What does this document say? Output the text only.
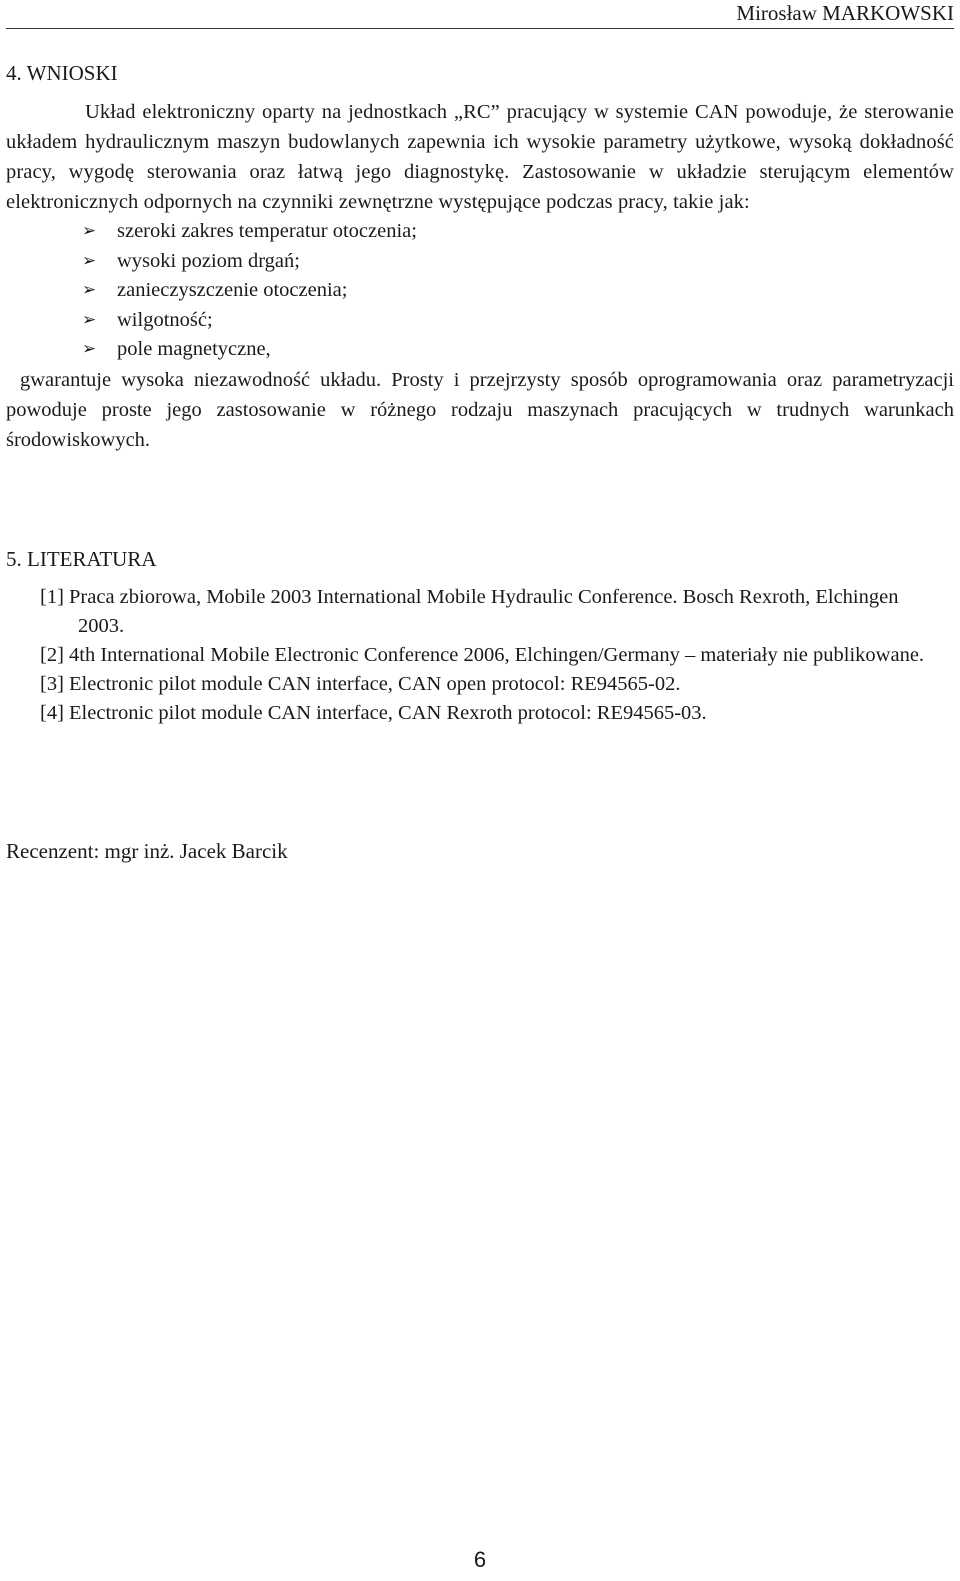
Mirosław MARKOWSKI
4. WNIOSKI

Układ elektroniczny oparty na jednostkach „RC” pracujący w systemie CAN powoduje, że sterowanie układem hydraulicznym maszyn budowlanych zapewnia ich wysokie parametry użytkowe, wysoką dokładność pracy, wygodę sterowania oraz łatwą jego diagnostykę. Zastosowanie w układzie sterującym elementów elektronicznych odpornych na czynniki zewnętrzne występujące podczas pracy, takie jak:

➢ szeroki zakres temperatur otoczenia;
➢ wysoki poziom drgań;
➢ zanieczyszczenie otoczenia;
➢ wilgotność;
➢ pole magnetyczne,

gwarantuje wysoka niezawodność układu. Prosty i przejrzysty sposób oprogramowania oraz parametryzacji powoduje proste jego zastosowanie w różnego rodzaju maszynach pracujących w trudnych warunkach środowiskowych.

5. LITERATURA
[1] Praca zbiorowa, Mobile 2003 International Mobile Hydraulic Conference. Bosch Rexroth, Elchingen 2003.
[2] 4th International Mobile Electronic Conference 2006, Elchingen/Germany – materiały nie publikowane.
[3] Electronic pilot module CAN interface, CAN open protocol: RE94565-02.
[4] Electronic pilot module CAN interface, CAN Rexroth protocol: RE94565-03.
Recenzent: mgr inż. Jacek Barcik
6
